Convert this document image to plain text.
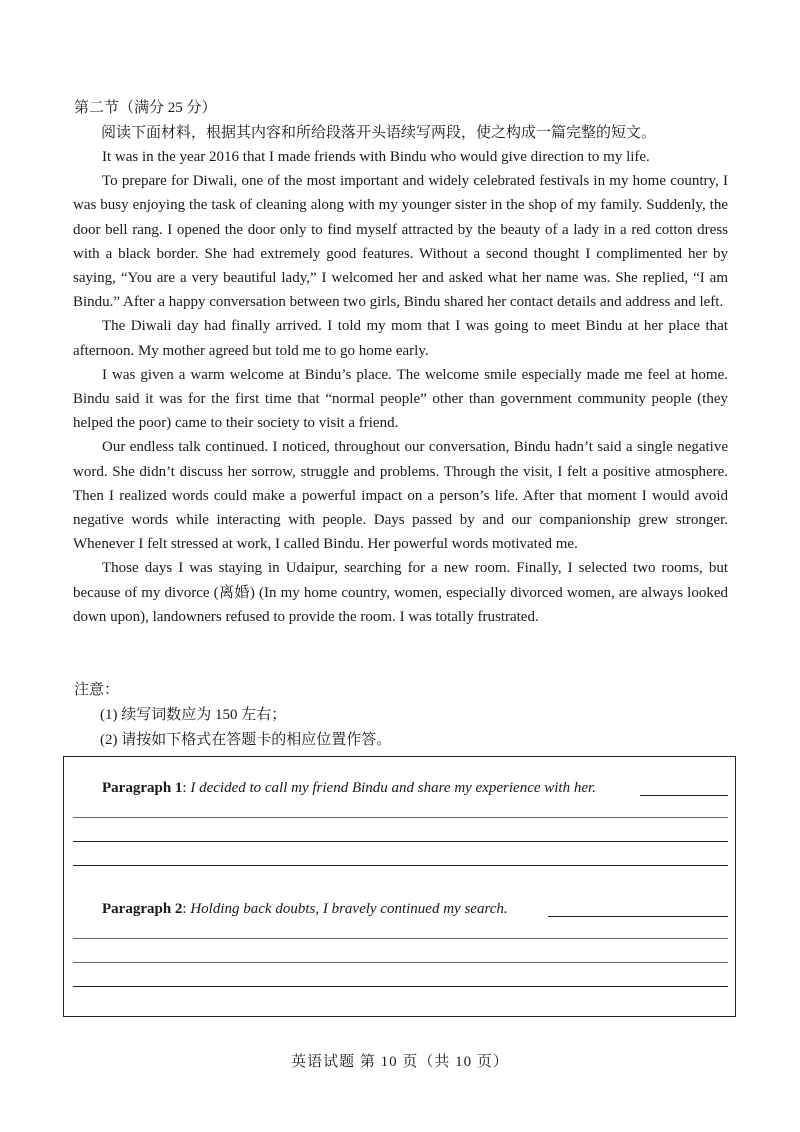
第二节（满分 25 分）
阅读下面材料，根据其内容和所给段落开头语续写两段，使之构成一篇完整的短文。

It was in the year 2016 that I made friends with Bindu who would give direction to my life.

To prepare for Diwali, one of the most important and widely celebrated festivals in my home country, I was busy enjoying the task of cleaning along with my younger sister in the shop of my family. Suddenly, the door bell rang. I opened the door only to find myself attracted by the beauty of a lady in a red cotton dress with a black border. She had extremely good features. Without a second thought I complimented her by saying, “You are a very beautiful lady,” I welcomed her and asked what her name was. She replied, “I am Bindu.” After a happy conversation between two girls, Bindu shared her contact details and address and left.

The Diwali day had finally arrived. I told my mom that I was going to meet Bindu at her place that afternoon. My mother agreed but told me to go home early.

I was given a warm welcome at Bindu’s place. The welcome smile especially made me feel at home. Bindu said it was for the first time that “normal people” other than government community people (they helped the poor) came to their society to visit a friend.

Our endless talk continued. I noticed, throughout our conversation, Bindu hadn’t said a single negative word. She didn’t discuss her sorrow, struggle and problems. Through the visit, I felt a positive atmosphere. Then I realized words could make a powerful impact on a person’s life. After that moment I would avoid negative words while interacting with people. Days passed by and our companionship grew stronger. Whenever I felt stressed at work, I called Bindu. Her powerful words motivated me.

Those days I was staying in Udaipur, searching for a new room. Finally, I selected two rooms, but because of my divorce (离婚) (In my home country, women, especially divorced women, are always looked down upon), landowners refused to provide the room. I was totally frustrated.

注意：
(1) 续写词数应为 150 左右；
(2) 请按如下格式在答题卡的相应位置作答。
Paragraph 1: I decided to call my friend Bindu and share my experience with her.
Paragraph 2: Holding back doubts, I bravely continued my search.
英语试题 第 10 页（共 10 页）
